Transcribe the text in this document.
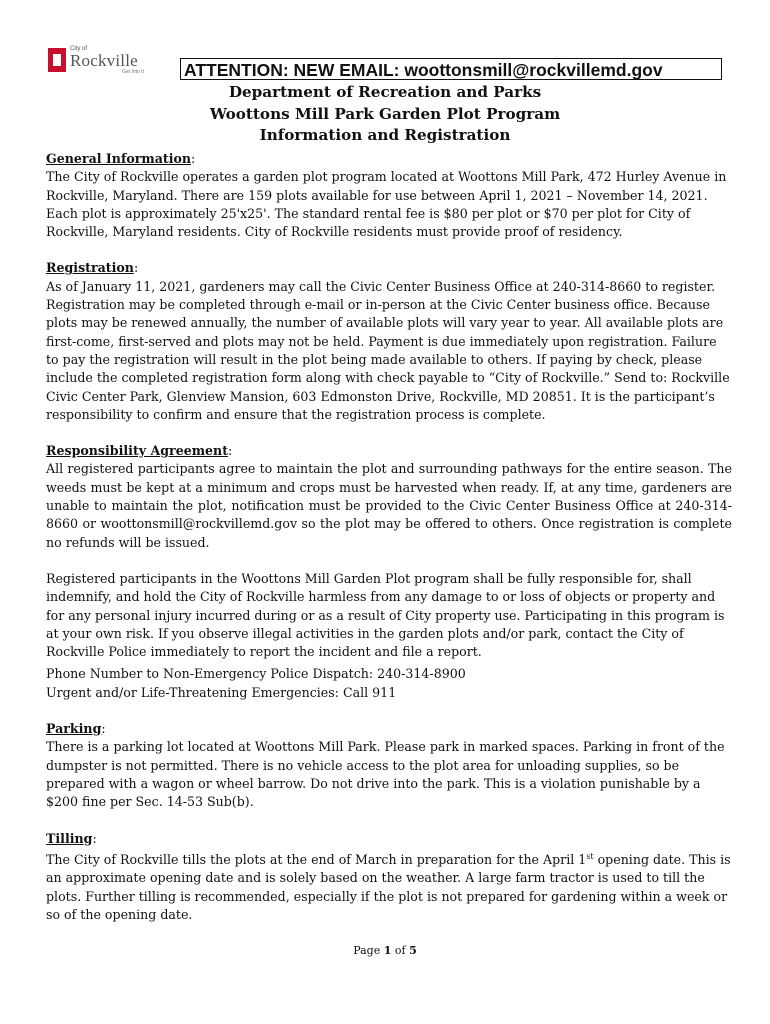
City of
Rockville
Get Into It ATTENTION: NEW EMAIL: woottonsmill@rockvillemd.gov
Department of Recreation and Parks
Woottons Mill Park Garden Plot Program
Information and Registration

General Information:

The City of Rockville operates a garden plot program located at Woottons Mill Park, 472 Hurley Avenue in Rockville, Maryland. There are 159 plots available for use between April 1, 2021 – November 14, 2021. Each plot is approximately 25'x25'. The standard rental fee is $80 per plot or $70 per plot for City of Rockville, Maryland residents. City of Rockville residents must provide proof of residency.

Registration:

As of January 11, 2021, gardeners may call the Civic Center Business Office at 240-314-8660 to register. Registration may be completed through e-mail or in-person at the Civic Center business office. Because plots may be renewed annually, the number of available plots will vary year to year. All available plots are first-come, first-served and plots may not be held. Payment is due immediately upon registration. Failure to pay the registration will result in the plot being made available to others. If paying by check, please include the completed registration form along with check payable to “City of Rockville.” Send to: Rockville Civic Center Park, Glenview Mansion, 603 Edmonston Drive, Rockville, MD 20851. It is the participant’s responsibility to confirm and ensure that the registration process is complete.

Responsibility Agreement:

All registered participants agree to maintain the plot and surrounding pathways for the entire season. The weeds must be kept at a minimum and crops must be harvested when ready. If, at any time, gardeners are unable to maintain the plot, notification must be provided to the Civic Center Business Office at 240-314-8660 or woottonsmill@rockvillemd.gov so the plot may be offered to others. Once registration is complete no refunds will be issued.

Registered participants in the Woottons Mill Garden Plot program shall be fully responsible for, shall indemnify, and hold the City of Rockville harmless from any damage to or loss of objects or property and for any personal injury incurred during or as a result of City property use. Participating in this program is at your own risk. If you observe illegal activities in the garden plots and/or park, contact the City of Rockville Police immediately to report the incident and file a report.

Phone Number to Non-Emergency Police Dispatch: 240-314-8900

Urgent and/or Life-Threatening Emergencies: Call 911

Parking:

There is a parking lot located at Woottons Mill Park. Please park in marked spaces. Parking in front of the dumpster is not permitted. There is no vehicle access to the plot area for unloading supplies, so be prepared with a wagon or wheel barrow. Do not drive into the park. This is a violation punishable by a $200 fine per Sec. 14-53 Sub(b).

Tilling:

The City of Rockville tills the plots at the end of March in preparation for the April 1st opening date. This is an approximate opening date and is solely based on the weather. A large farm tractor is used to till the plots. Further tilling is recommended, especially if the plot is not prepared for gardening within a week or so of the opening date.

Page 1 of 5
